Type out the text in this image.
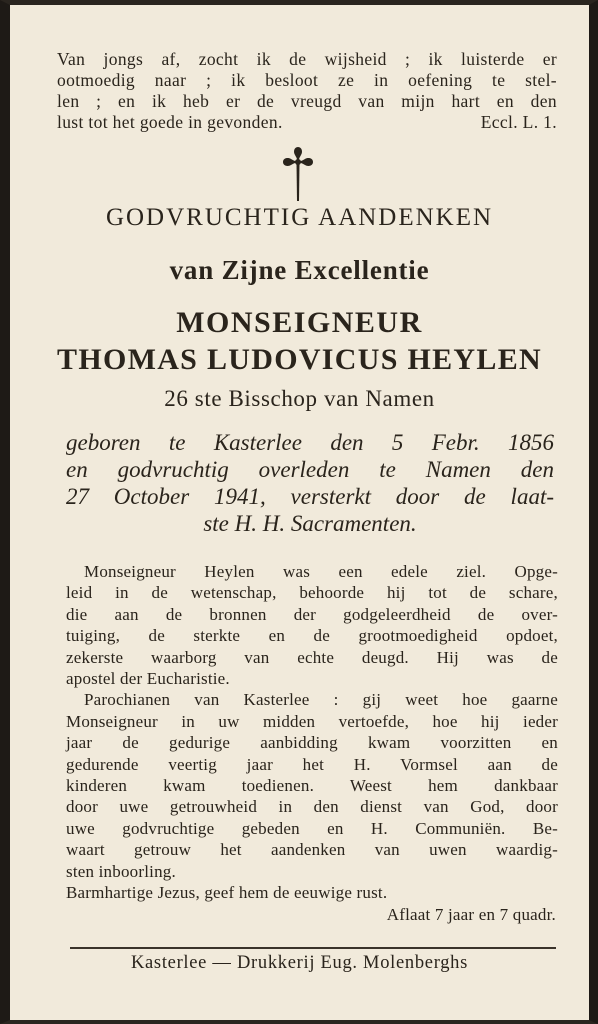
Van jongs af, zocht ik de wijsheid ; ik luisterde er
ootmoedig naar ; ik besloot ze in oefening te stel-
len ; en ik heb er de vreugd van mijn hart en den
lust tot het goede in gevonden.	Eccl. L. 1.

GODVRUCHTIG AANDENKEN
van Zijne Excellentie
MONSEIGNEUR
THOMAS LUDOVICUS HEYLEN

26 ste Bisschop van Namen

geboren te Kasterlee den 5 Febr. 1856
en godvruchtig overleden te Namen den
27 October 1941, versterkt door de laat-
ste H. H. Sacramenten.

Monseigneur Heylen was een edele ziel. Opge-
leid in de wetenschap, behoorde hij tot de schare,
die aan de bronnen der godgeleerdheid de over-
tuiging, de sterkte en de grootmoedigheid opdoet,
zekerste waarborg van echte deugd. Hij was de
apostel der Eucharistie.
Parochianen van Kasterlee : gij weet hoe gaarne
Monseigneur in uw midden vertoefde, hoe hij ieder
jaar de gedurige aanbidding kwam voorzitten en
gedurende veertig jaar het H. Vormsel aan de
kinderen kwam toedienen. Weest hem dankbaar
door uwe getrouwheid in den dienst van God, door
uwe godvruchtige gebeden en H. Communiën. Be-
waart getrouw het aandenken van uwen waardig-
sten inboorling.
Barmhartige Jezus, geef hem de eeuwige rust.
Aflaat 7 jaar en 7 quadr.

Kasterlee — Drukkerij Eug. Molenberghs
